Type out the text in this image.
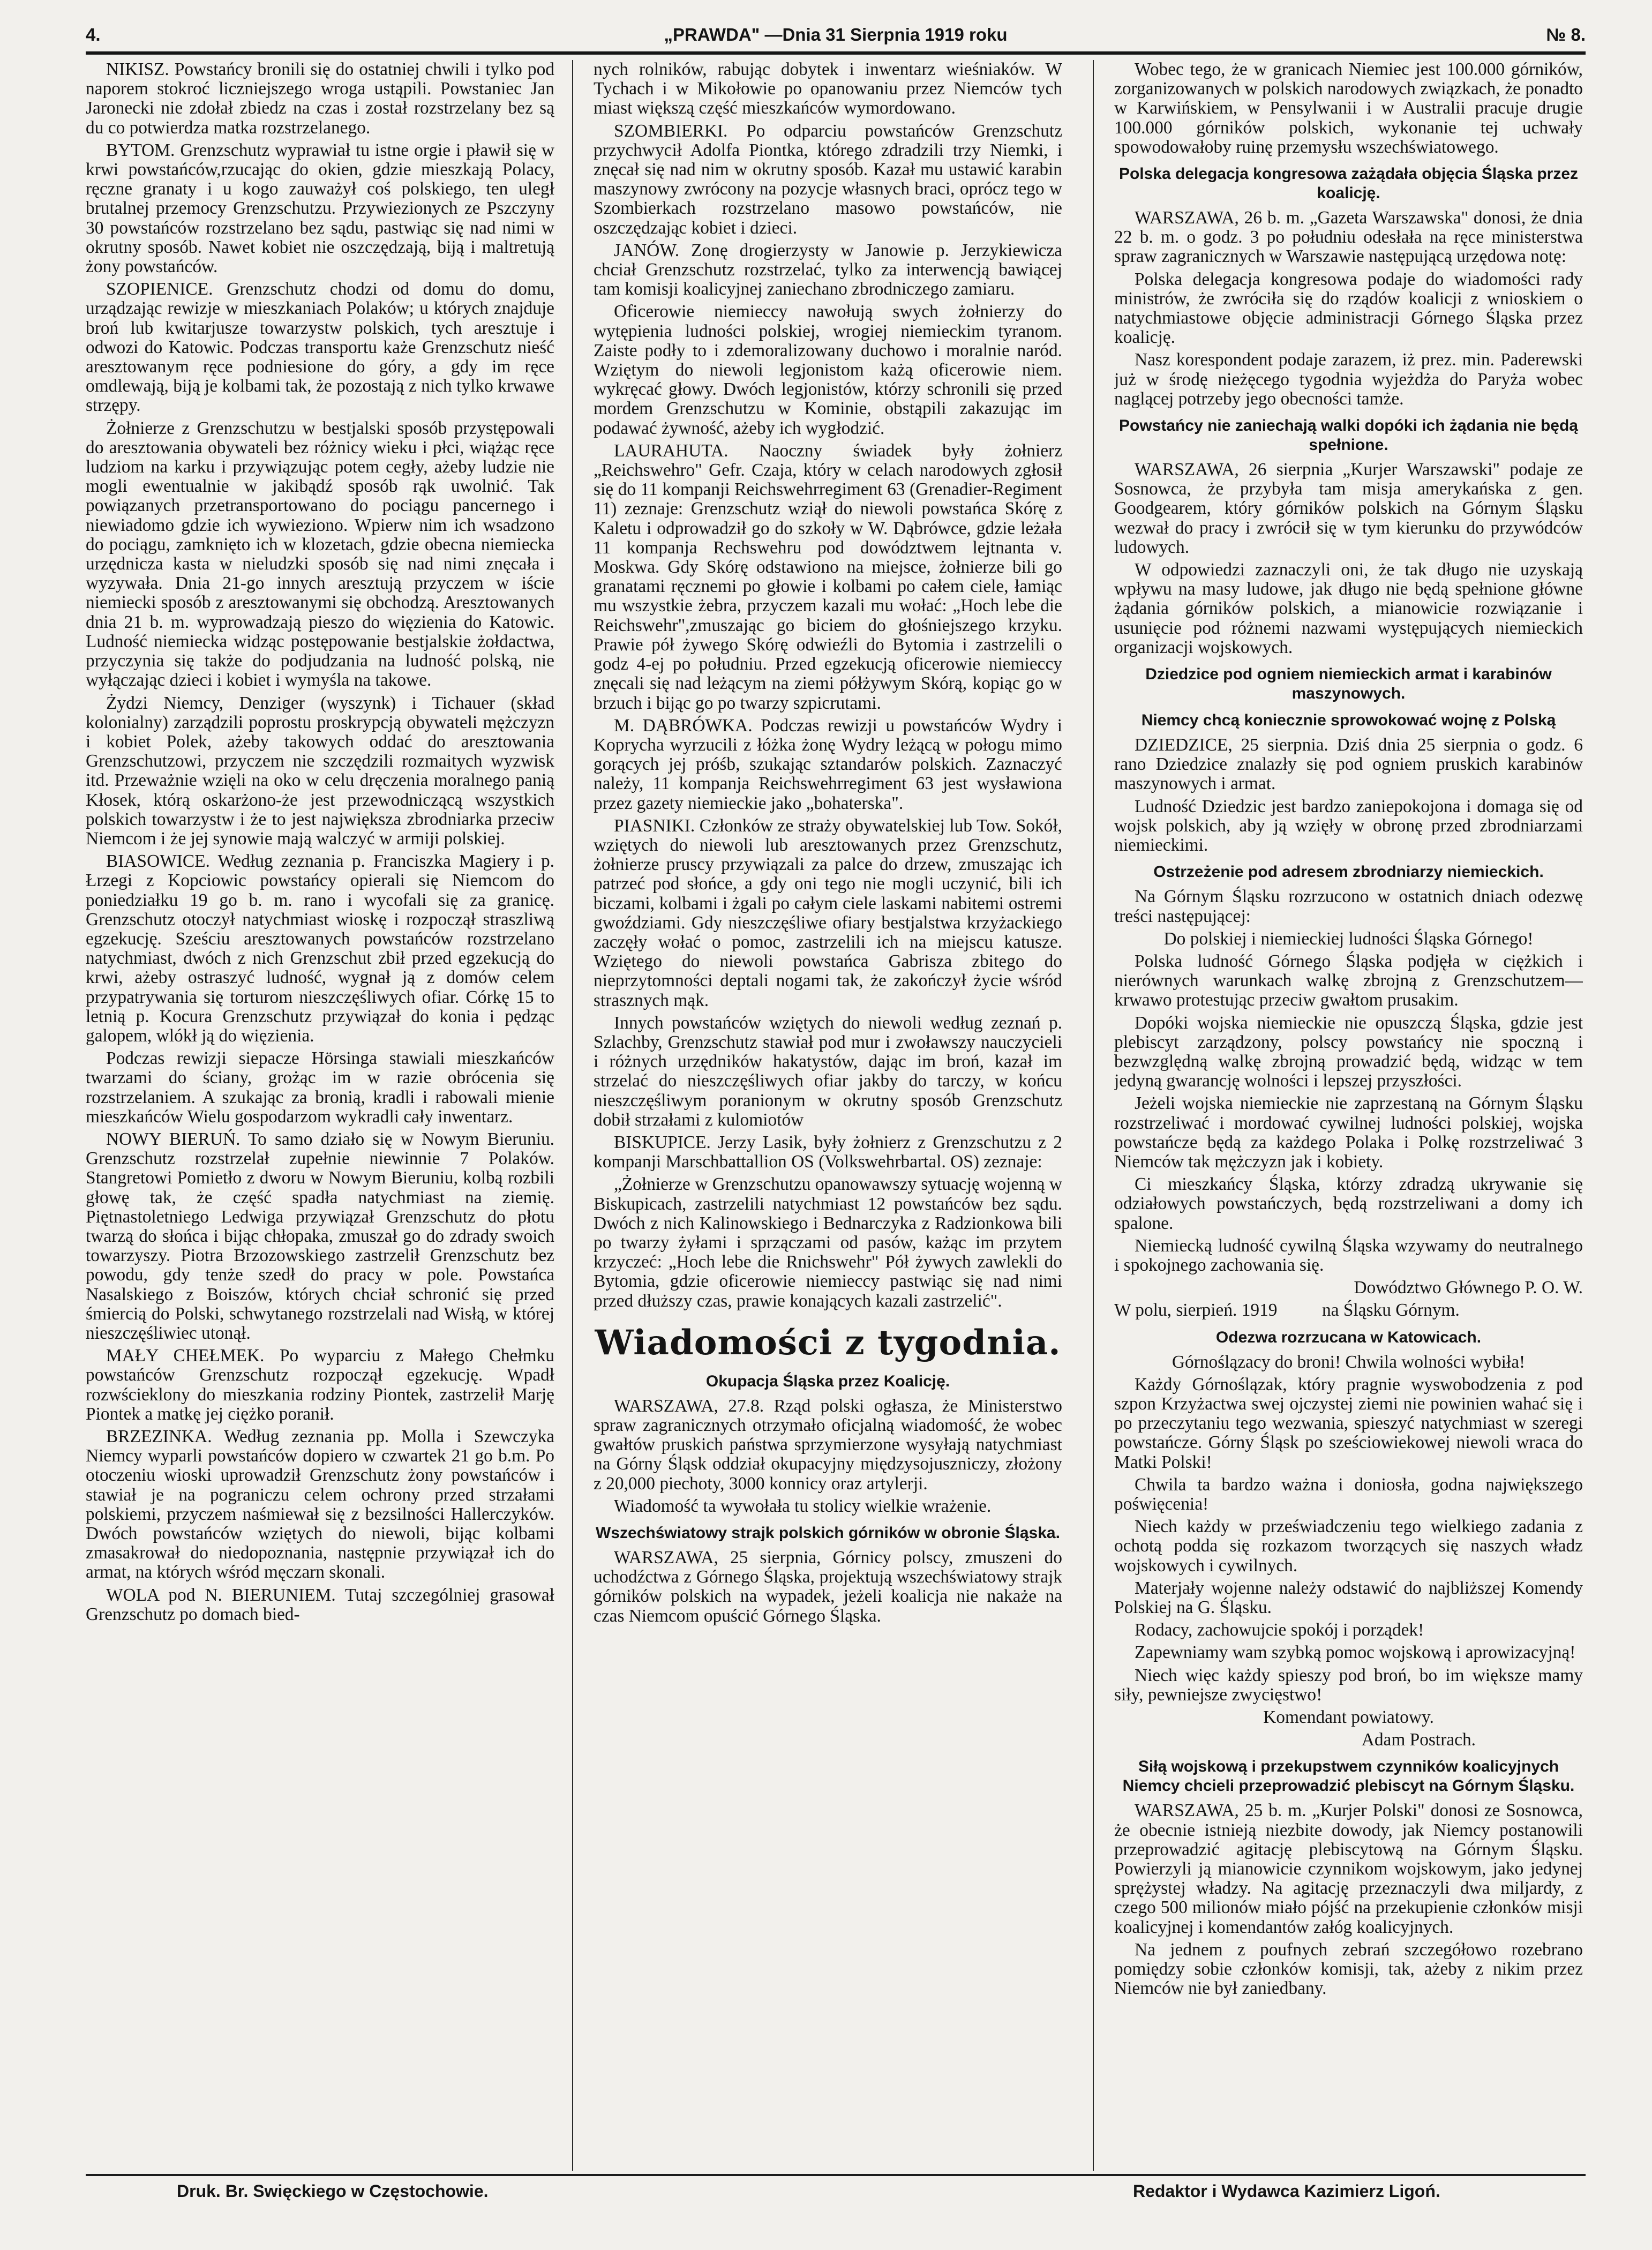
4.	„PRAWDA" —Dnia 31 Sierpnia 1919 roku	№ 8.

NIKISZ. Powstańcy bronili się do ostatniej chwili i tylko pod naporem stokroć liczniejszego wroga ustąpili. Powstaniec Jan Jaronecki nie zdołał zbiedz na czas i został rozstrzelany bez są du co potwierdza matka rozstrzelanego.

BYTOM. Grenzschutz wyprawiał tu istne orgie i pławił się w krwi powstańców,rzucając do okien, gdzie mieszkają Polacy, ręczne granaty i u kogo zauważył coś polskiego, ten uległ brutalnej przemocy Grenzschutzu. Przywiezionych ze Pszczyny 30 powstańców rozstrzelano bez sądu, pastwiąc się nad nimi w okrutny sposób. Nawet kobiet nie oszczędzają, biją i maltretują żony powstańców.

SZOPIENICE. Grenzschutz chodzi od domu do domu, urządzając rewizje w mieszkaniach Polaków; u których znajduje broń lub kwitarjusze towarzystw polskich, tych aresztuje i odwozi do Katowic. Podczas transportu każe Grenzschutz nieść aresztowanym ręce podniesione do góry, a gdy im ręce omdlewają, biją je kolbami tak, że pozostają z nich tylko krwawe strzępy.

Żołnierze z Grenzschutzu w bestjalski sposób przystępowali do aresztowania obywateli bez różnicy wieku i płci, wiążąc ręce ludziom na karku i przywiązując potem cegły, ażeby ludzie nie mogli ewentualnie w jakibądź sposób rąk uwolnić. Tak powiązanych przetransportowano do pociągu pancernego i niewiadomo gdzie ich wywieziono. Wpierw nim ich wsadzono do pociągu, zamknięto ich w klozetach, gdzie obecna niemiecka urzędnicza kasta w nieludzki sposób się nad nimi znęcała i wyzywała. Dnia 21-go innych aresztują przyczem w iście niemiecki sposób z aresztowanymi się obchodzą. Aresztowanych dnia 21 b. m. wyprowadzają pieszo do więzienia do Katowic. Ludność niemiecka widząc postępowanie bestjalskie żołdactwa, przyczynia się także do podjudzania na ludność polską, nie wyłączając dzieci i kobiet i wymyśla na takowe.

Żydzi Niemcy, Denziger (wyszynk) i Tichauer (skład kolonialny) zarządzili poprostu proskrypcją obywateli mężczyzn i kobiet Polek, ażeby takowych oddać do aresztowania Grenzschutzowi, przyczem nie szczędzili rozmaitych wyzwisk itd. Przeważnie wzięli na oko w celu dręczenia moralnego panią Kłosek, którą oskarżono-że jest przewodniczącą wszystkich polskich towarzystw i że to jest największa zbrodniarka przeciw Niemcom i że jej synowie mają walczyć w armiji polskiej.

BIASOWICE. Według zeznania p. Franciszka Magiery i p. Łrzegi z Kopciowic powstańcy opierali się Niemcom do poniedziałku 19 go b. m. rano i wycofali się za granicę. Grenzschutz otoczył natychmiast wioskę i rozpoczął straszliwą egzekucję. Sześciu aresztowanych powstańców rozstrzelano natychmiast, dwóch z nich Grenzschut zbił przed egzekucją do krwi, ażeby ostraszyć ludność, wygnał ją z domów celem przypatrywania się torturom nieszczęśliwych ofiar. Córkę 15 to letnią p. Kocura Grenzschutz przywiązał do konia i pędząc galopem, wlókł ją do więzienia.

Podczas rewizji siepacze Hörsinga stawiali mieszkańców twarzami do ściany, grożąc im w razie obrócenia się rozstrzelaniem. A szukając za bronią, kradli i rabowali mienie mieszkańców Wielu gospodarzom wykradli cały inwentarz.

NOWY BIERUŃ. To samo działo się w Nowym Bieruniu. Grenzschutz rozstrzelał zupełnie niewinnie 7 Polaków. Stangretowi Pomietło z dworu w Nowym Bieruniu, kolbą rozbili głowę tak, że część spadła natychmiast na ziemię. Piętnastoletniego Ledwiga przywiązał Grenzschutz do płotu twarzą do słońca i bijąc chłopaka, zmuszał go do zdrady swoich towarzyszy. Piotra Brzozowskiego zastrzelił Grenzschutz bez powodu, gdy tenże szedł do pracy w pole. Powstańca Nasalskiego z Boiszów, których chciał schronić się przed śmiercią do Polski, schwytanego rozstrzelali nad Wisłą, w której nieszczęśliwiec utonął.

MAŁY CHEŁMEK. Po wyparciu z Małego Chełmku powstańców Grenzschutz rozpoczął egzekucję. Wpadł rozwścieklony do mieszkania rodziny Piontek, zastrzelił Marję Piontek a matkę jej ciężko poranił.

BRZEZINKA. Według zeznania pp. Molla i Szewczyka Niemcy wyparli powstańców dopiero w czwartek 21 go b.m. Po otoczeniu wioski uprowadził Grenzschutz żony powstańców i stawiał je na pograniczu celem ochrony przed strzałami polskiemi, przyczem naśmiewał się z bezsilności Hallerczyków. Dwóch powstańców wziętych do niewoli, bijąc kolbami zmasakrował do niedopoznania, następnie przywiązał ich do armat, na których wśród męczarn skonali.

WOLA pod N. BIERUNIEM. Tutaj szczególniej grasował Grenzschutz po domach bied-

nych rolników, rabując dobytek i inwentarz wieśniaków. W Tychach i w Mikołowie po opanowaniu przez Niemców tych miast większą część mieszkańców wymordowano.

SZOMBIERKI. Po odparciu powstańców Grenzschutz przychwycił Adolfa Piontka, którego zdradzili trzy Niemki, i znęcał się nad nim w okrutny sposób. Kazał mu ustawić karabin maszynowy zwrócony na pozycje własnych braci, oprócz tego w Szombierkach rozstrzelano masowo powstańców, nie oszczędzając kobiet i dzieci.

JANÓW. Zonę drogierzysty w Janowie p. Jerzykiewicza chciał Grenzschutz rozstrzelać, tylko za interwencją bawiącej tam komisji koalicyjnej zaniechano zbrodniczego zamiaru.

Oficerowie niemieccy nawołują swych żołnierzy do wytępienia ludności polskiej, wrogiej niemieckim tyranom. Zaiste podły to i zdemoralizowany duchowo i moralnie naród. Wziętym do niewoli legjonistom każą oficerowie niem. wykręcać głowy. Dwóch legjonistów, którzy schronili się przed mordem Grenzschutzu w Kominie, obstąpili zakazując im podawać żywność, ażeby ich wygłodzić.

LAURAHUTA. Naoczny świadek były żołnierz „Reichswehro" Gefr. Czaja, który w celach narodowych zgłosił się do 11 kompanji Reichswehrregiment 63 (Grenadier-Regiment 11) zeznaje: Grenzschutz wziął do niewoli powstańca Skórę z Kaletu i odprowadził go do szkoły w W. Dąbrówce, gdzie leżała 11 kompanja Rechswehru pod dowództwem lejtnanta v. Moskwa. Gdy Skórę odstawiono na miejsce, żołnierze bili go granatami ręcznemi po głowie i kolbami po całem ciele, łamiąc mu wszystkie żebra, przyczem kazali mu wołać: „Hoch lebe die Reichswehr",zmuszając go biciem do głośniejszego krzyku. Prawie pół żywego Skórę odwieźli do Bytomia i zastrzelili o godz 4-ej po południu. Przed egzekucją oficerowie niemieccy znęcali się nad leżącym na ziemi półżywym Skórą, kopiąc go w brzuch i bijąc go po twarzy szpicrutami.

M. DĄBRÓWKA. Podczas rewizji u powstańców Wydry i Koprycha wyrzucili z łóżka żonę Wydry leżącą w połogu mimo gorących jej próśb, szukając sztandarów polskich. Zaznaczyć należy, 11 kompanja Reichswehrregiment 63 jest wysławiona przez gazety niemieckie jako „bohaterska".

PIASNIKI. Członków ze straży obywatelskiej lub Tow. Sokół, wziętych do niewoli lub aresztowanych przez Grenzschutz, żołnierze pruscy przywiązali za palce do drzew, zmuszając ich patrzeć pod słońce, a gdy oni tego nie mogli uczynić, bili ich biczami, kolbami i żgali po całym ciele laskami nabitemi ostremi gwoździami. Gdy nieszczęśliwe ofiary bestjalstwa krzyżackiego zaczęły wołać o pomoc, zastrzelili ich na miejscu katusze. Wziętego do niewoli powstańca Gabrisza zbitego do nieprzytomności deptali nogami tak, że zakończył życie wśród strasznych mąk.

Innych powstańców wziętych do niewoli według zeznań p. Szlachby, Grenzschutz stawiał pod mur i zwoławszy nauczycieli i różnych urzędników hakatystów, dając im broń, kazał im strzelać do nieszczęśliwych ofiar jakby do tarczy, w końcu nieszczęśliwym poranionym w okrutny sposób Grenzschutz dobił strzałami z kulomiotów

BISKUPICE. Jerzy Lasik, były żołnierz z Grenzschutzu z 2 kompanji Marschbattallion OS (Volkswehrbartal. OS) zeznaje:

„Żołnierze w Grenzschutzu opanowawszy sytuację wojenną w Biskupicach, zastrzelili natychmiast 12 powstańców bez sądu. Dwóch z nich Kalinowskiego i Bednarczyka z Radzionkowa bili po twarzy żyłami i sprzączami od pasów, każąc im przytem krzyczeć: „Hoch lebe die Rnichswehr" Pół żywych zawlekli do Bytomia, gdzie oficerowie niemieccy pastwiąc się nad nimi przed dłuższy czas, prawie konających kazali zastrzelić".

Wiadomości z tygodnia.
Okupacja Śląska przez Koalicję.

WARSZAWA, 27.8. Rząd polski ogłasza, że Ministerstwo spraw zagranicznych otrzymało oficjalną wiadomość, że wobec gwałtów pruskich państwa sprzymierzone wysyłają natychmiast na Górny Śląsk oddział okupacyjny międzysojuszniczy, złożony z 20,000 piechoty, 3000 konnicy oraz artylerji.

Wiadomość ta wywołała tu stolicy wielkie wrażenie.

Wszechświatowy strajk polskich górników w obronie Śląska.

WARSZAWA, 25 sierpnia, Górnicy polscy, zmuszeni do uchodźctwa z Górnego Śląska, projektują wszechświatowy strajk górników polskich na wypadek, jeżeli koalicja nie nakaże na czas Niemcom opuścić Górnego Śląska.

Wobec tego, że w granicach Niemiec jest 100.000 górników, zorganizowanych w polskich narodowych związkach, że ponadto w Karwińskiem, w Pensylwanii i w Australii pracuje drugie 100.000 górników polskich, wykonanie tej uchwały spowodowałoby ruinę przemysłu wszechświatowego.

Polska delegacja kongresowa zażądała objęcia Śląska przez koalicję.

WARSZAWA, 26 b. m. „Gazeta Warszawska" donosi, że dnia 22 b. m. o godz. 3 po południu odesłała na ręce ministerstwa spraw zagranicznych w Warszawie następującą urzędowa notę:

Polska delegacja kongresowa podaje do wiadomości rady ministrów, że zwróciła się do rządów koalicji z wnioskiem o natychmiastowe objęcie administracji Górnego Śląska przez koalicję.

Nasz korespondent podaje zarazem, iż prez. min. Paderewski już w środę nieżęcego tygodnia wyjeżdża do Paryża wobec naglącej potrzeby jego obecności tamże.

Powstańcy nie zaniechają walki dopóki ich żądania nie będą spełnione.

WARSZAWA, 26 sierpnia „Kurjer Warszawski" podaje ze Sosnowca, że przybyła tam misja amerykańska z gen. Goodgearem, który górników polskich na Górnym Śląsku wezwał do pracy i zwrócił się w tym kierunku do przywódców ludowych.

W odpowiedzi zaznaczyli oni, że tak długo nie uzyskają wpływu na masy ludowe, jak długo nie będą spełnione główne żądania górników polskich, a mianowicie rozwiązanie i usunięcie pod różnemi nazwami występujących niemieckich organizacji wojskowych.

Dziedzice pod ogniem niemieckich armat i karabinów maszynowych.
Niemcy chcą koniecznie sprowokować wojnę z Polską

DZIEDZICE, 25 sierpnia. Dziś dnia 25 sierpnia o godz. 6 rano Dziedzice znalazły się pod ogniem pruskich karabinów maszynowych i armat.

Ludność Dziedzic jest bardzo zaniepokojona i domaga się od wojsk polskich, aby ją wzięły w obronę przed zbrodniarzami niemieckimi.

Ostrzeżenie pod adresem zbrodniarzy niemieckich.

Na Górnym Śląsku rozrzucono w ostatnich dniach odezwę treści następującej:

Do polskiej i niemieckiej ludności Śląska Górnego!

Polska ludność Górnego Śląska podjęła w ciężkich i nierównych warunkach walkę zbrojną z Grenzschutzem—krwawo protestując przeciw gwałtom prusakim.

Dopóki wojska niemieckie nie opuszczą Śląska, gdzie jest plebiscyt zarządzony, polscy powstańcy nie spoczną i bezwzględną walkę zbrojną prowadzić będą, widząc w tem jedyną gwarancję wolności i lepszej przyszłości.

Jeżeli wojska niemieckie nie zaprzestaną na Górnym Śląsku rozstrzeliwać i mordować cywilnej ludności polskiej, wojska powstańcze będą za każdego Polaka i Polkę rozstrzeliwać 3 Niemców tak mężczyzn jak i kobiety.

Ci mieszkańcy Śląska, którzy zdradzą ukrywanie się odziałowych powstańczych, będą rozstrzeliwani a domy ich spalone.

Niemiecką ludność cywilną Śląska wzywamy do neutralnego i spokojnego zachowania się.

Dowództwo Głównego P. O. W.

W polu, sierpień. 1919          na Śląsku Górnym.

Odezwa rozrzucana w Katowicach.

Górnoślązacy do broni! Chwila wolności wybiła!

Każdy Górnoślązak, który pragnie wyswobodzenia z pod szpon Krzyżactwa swej ojczystej ziemi nie powinien wahać się i po przeczytaniu tego wezwania, spieszyć natychmiast w szeregi powstańcze. Górny Śląsk po sześciowiekowej niewoli wraca do Matki Polski!

Chwila ta bardzo ważna i doniosła, godna największego poświęcenia!

Niech każdy w przeświadczeniu tego wielkiego zadania z ochotą podda się rozkazom tworzących się naszych władz wojskowych i cywilnych.

Materjały wojenne należy odstawić do najbliższej Komendy Polskiej na G. Śląsku.

Rodacy, zachowujcie spokój i porządek!

Zapewniamy wam szybką pomoc wojskową i aprowizacyjną!

Niech więc każdy spieszy pod broń, bo im większe mamy siły, pewniejsze zwycięstwo!

Komendant powiatowy.

Adam Postrach.

Siłą wojskową i przekupstwem czynników koalicyjnych Niemcy chcieli przeprowadzić plebiscyt na Górnym Śląsku.

WARSZAWA, 25 b. m. „Kurjer Polski" donosi ze Sosnowca, że obecnie istnieją niezbite dowody, jak Niemcy postanowili przeprowadzić agitację plebiscytową na Górnym Śląsku. Powierzyli ją mianowicie czynnikom wojskowym, jako jedynej sprężystej władzy. Na agitację przeznaczyli dwa miljardy, z czego 500 milionów miało pójść na przekupienie członków misji koalicyjnej i komendantów załóg koalicyjnych.

Na jednem z poufnych zebrań szczegółowo rozebrano pomiędzy sobie członków komisji, tak, ażeby z nikim przez Niemców nie był zaniedbany.

Druk. Br. Swięckiego w Częstochowie.	Redaktor i Wydawca Kazimierz Ligoń.
